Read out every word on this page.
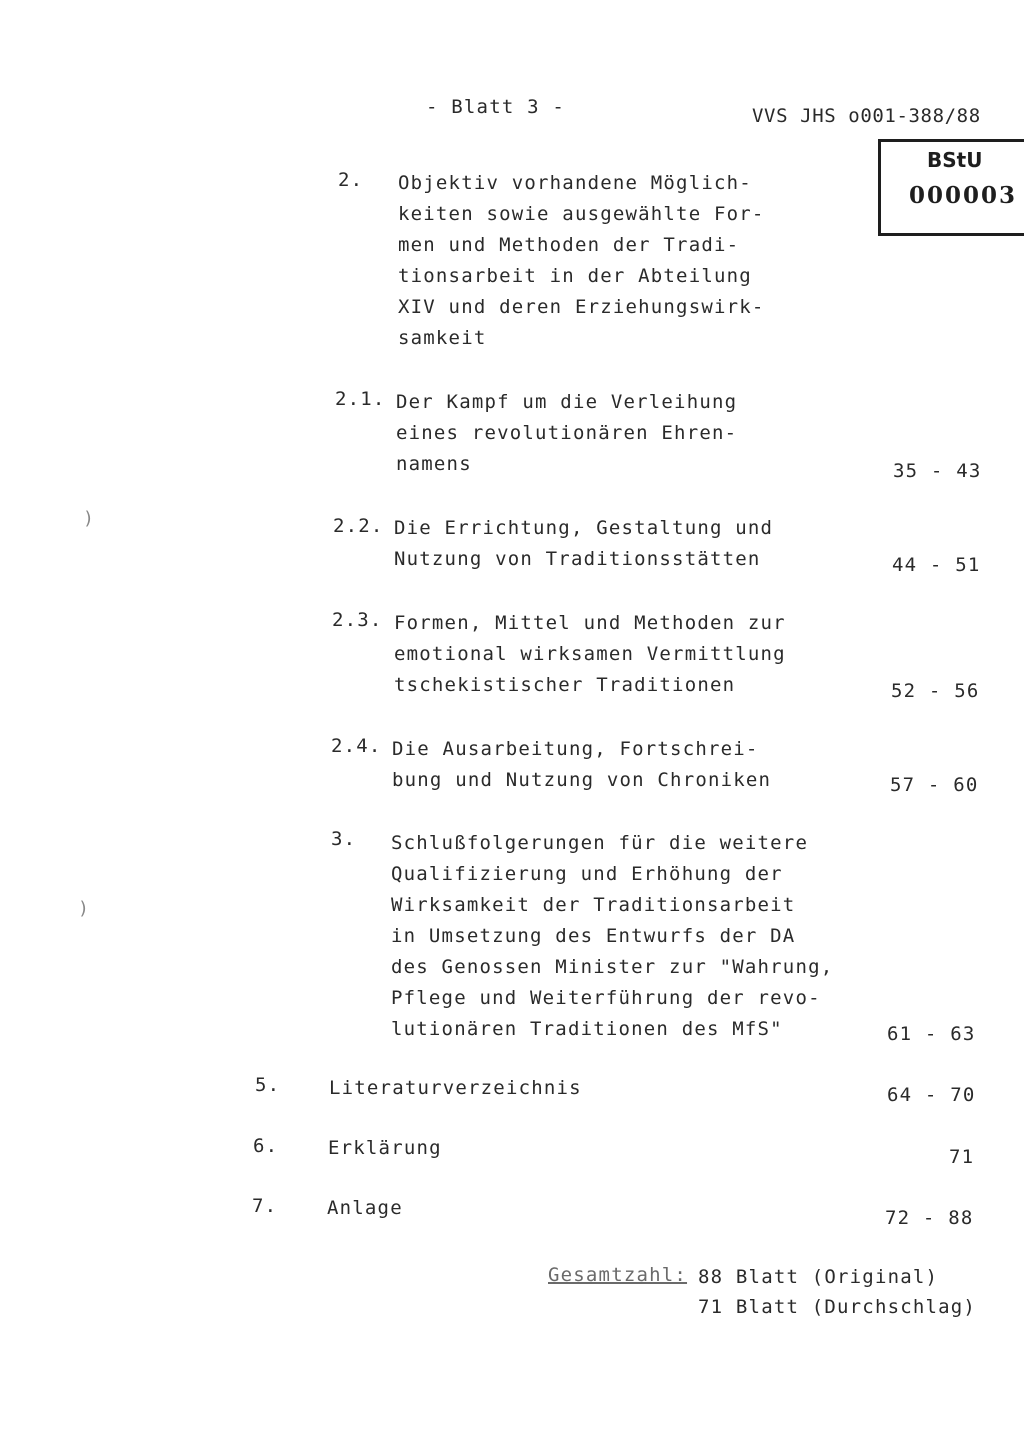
- Blatt 3 -	VVS JHS o001-388/88
BStU
000003
2. Objektiv vorhandene Möglich-
keiten sowie ausgewählte For-
men und Methoden der Tradi-
tionsarbeit in der Abteilung
XIV und deren Erziehungswirk-
samkeit
2.1. Der Kampf um die Verleihung
eines revolutionären Ehren-
namens	35 - 43
2.2. Die Errichtung, Gestaltung und
Nutzung von Traditionsstätten	44 - 51
2.3. Formen, Mittel und Methoden zur
emotional wirksamen Vermittlung
tschekistischer Traditionen	52 - 56
2.4. Die Ausarbeitung, Fortschrei-
bung und Nutzung von Chroniken	57 - 60
3. Schlußfolgerungen für die weitere
Qualifizierung und Erhöhung der
Wirksamkeit der Traditionsarbeit
in Umsetzung des Entwurfs der DA
des Genossen Minister zur "Wahrung,
Pflege und Weiterführung der revo-
lutionären Traditionen des MfS"	61 - 63
5.	Literaturverzeichnis	64 - 70
6.	Erklärung	71
7.	Anlage	72 - 88
Gesamtzahl: 88 Blatt (Original)
71 Blatt (Durchschlag)
)
)
